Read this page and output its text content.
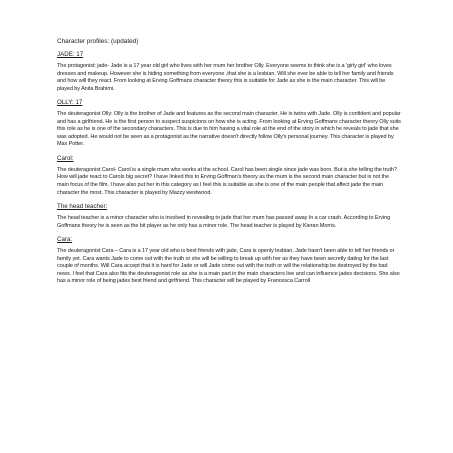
Character profiles: (updated)

JADE: 17

The protagonist: jade- Jade is a 17 year old girl who lives with her mum her brother Olly. Everyone seems to think she is a 'girly girl' who loves dresses and makeup. However she is hiding something from everyone ,that she is a lesbian. Will she ever be able to tell her family and friends and how will they react. From looking at Erving Goffmans character theory this is suitable for Jade as she is the main character. This will be played by Anita Brahimi.

OLLY: 17

The deuteragonist Olly: Olly is the brother of Jade and features as the second main character. He is twins with Jade. Olly is confident and popular and has a girlfriend. He is the first person to suspect suspicions on how she is acting. From looking at Erving Goffmans character theory Olly suits this role as he is one of the secondary characters. This is due to him having a vital role at the end of the story in which he reveals to jade that she was adopted. He would not be seen as a protagonist as the narrative doesn't directly follow Olly's personal journey. This character is played by Max Potter.

Carol:

The deuteragonist Carol- Carol is a single mum who works at the school. Carol has been single since jade was born. But is she telling the truth? How will jade react to Carols big secret? I have linked this to Erving Goffman's theory as the mum is the second main character but is not the main focus of the film. I have also put her in this category as I feel this is suitable as she is one of the main people that affect jade the main character the most. This character is played by Mazzy westwood.

The head teacher:

The head teacher is a minor character who is involved in revealing to jade that her mum has passed away In a car crash. According to Erving Goffmans theory he is seen as the bit player as he only has a minor role. The head teacher is played by Kieran Morris.

Cara:

The deuteragonist Cara – Cara is a 17 year old who is best friends with jade, Cara is openly lesbian, Jade hasn't been able to tell her friends or family yet. Cara wants Jade to come out with the truth or she will be willing to break up with her as they have been secretly dating for the last couple of months. Will Cara accept that it is hard for Jade or will Jade come out with the truth or will the relationship be destroyed by the bad news. I feel that Cara also fits the deuteragonist role as she is a main part in the main characters live and can influence jades decisions. She also has a minor role of being jades best friend and girlfriend. This character will be played by Francesca Carroll
